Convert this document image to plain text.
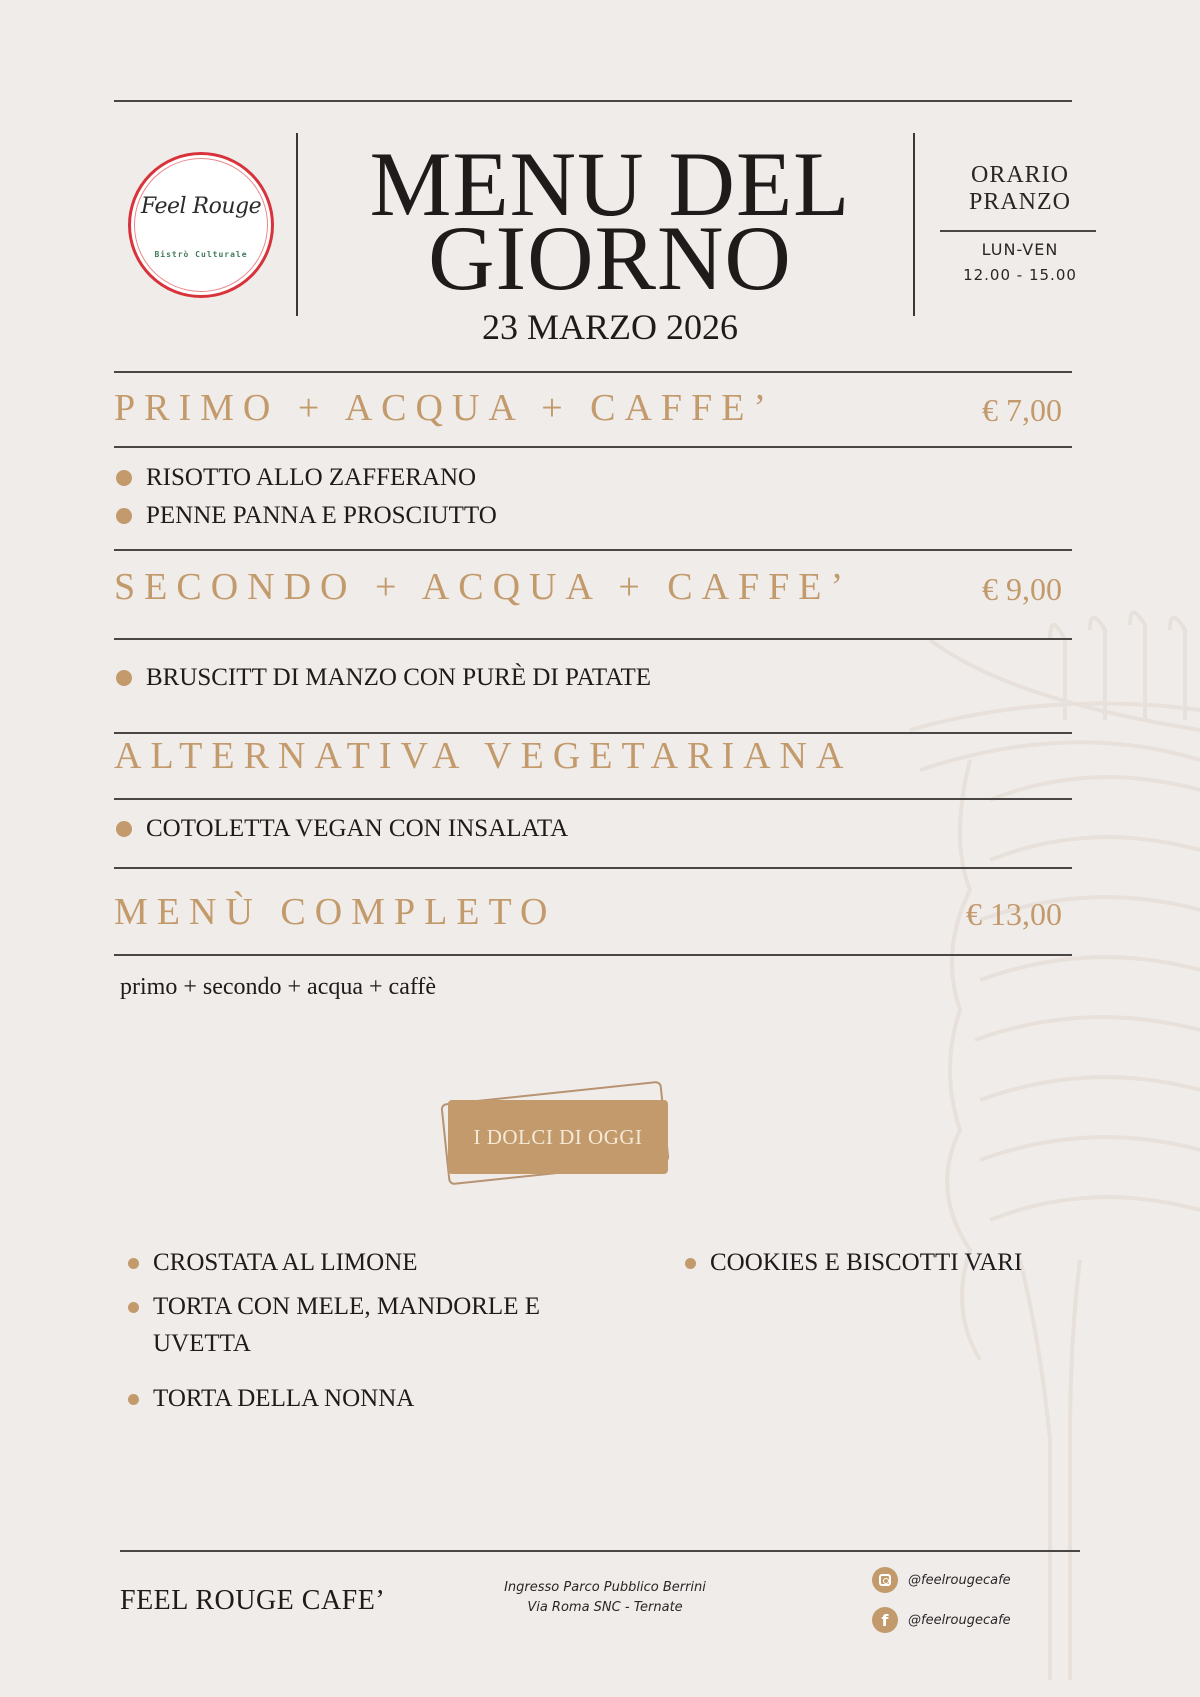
Feel Rouge
Bistrò Culturale
MENU DEL
GIORNO
23 MARZO 2026
ORARIO
PRANZO
LUN-VEN
12.00 - 15.00
PRIMO + ACQUA + CAFFE’	€ 7,00
RISOTTO ALLO ZAFFERANO
PENNE PANNA E PROSCIUTTO
SECONDO + ACQUA + CAFFE’	€ 9,00
BRUSCITT DI MANZO CON PURÈ DI PATATE
ALTERNATIVA VEGETARIANA
COTOLETTA VEGAN CON INSALATA
MENÙ COMPLETO	€ 13,00
primo + secondo + acqua + caffè
I DOLCI DI OGGI
CROSTATA AL LIMONE
TORTA CON MELE, MANDORLE E
UVETTA
TORTA DELLA NONNA
COOKIES E BISCOTTI VARI
FEEL ROUGE CAFE’	Ingresso Parco Pubblico Berrini
Via Roma SNC - Ternate
@feelrougecafe
f	@feelrougecafe
